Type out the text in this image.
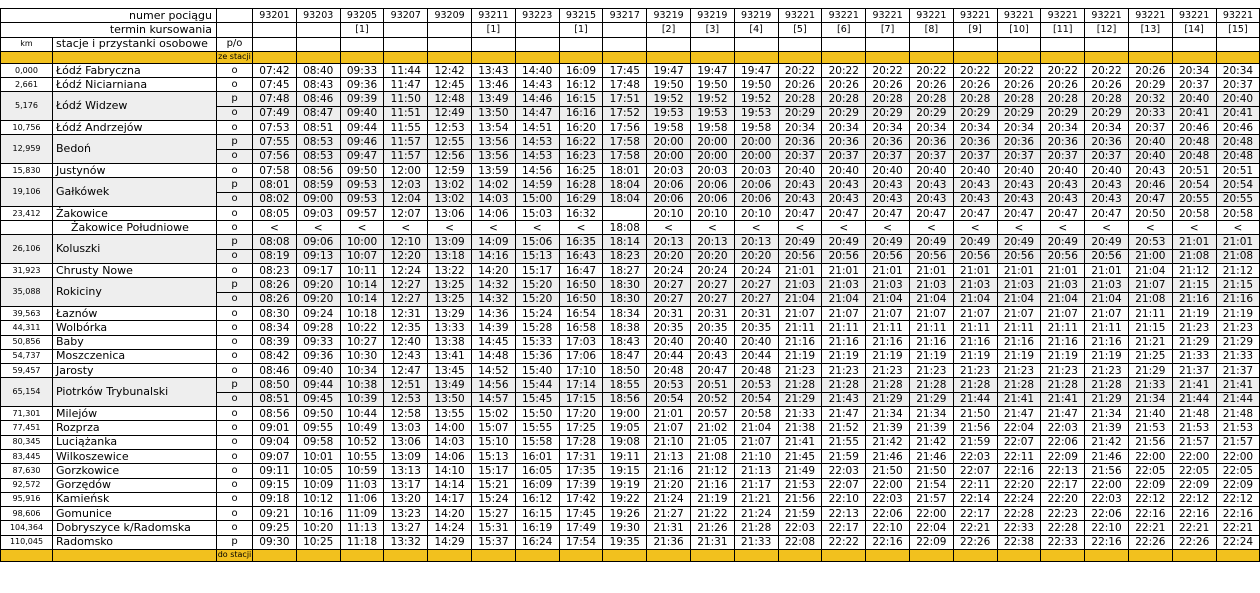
numer pociągu			93201	93203	93205	93207	93209	93211	93223	93215	93217	93219	93219	93219	93221	93221	93221	93221	93221	93221	93221	93221	93221	93221	93221
termin kursowania					[1]			[1]		[1]		[2]	[3]	[4]	[5]	[6]	[7]	[8]	[9]	[10]	[11]	[12]	[13]	[14]	[15]
km	stacje i przystanki osobowe	p/o																							
		ze stacji																							
0,000	Łódź Fabryczna	o	07:42	08:40	09:33	11:44	12:42	13:43	14:40	16:09	17:45	19:47	19:47	19:47	20:22	20:22	20:22	20:22	20:22	20:22	20:22	20:22	20:26	20:34	20:34
2,661	Łódź Niciarniana	o	07:45	08:43	09:36	11:47	12:45	13:46	14:43	16:12	17:48	19:50	19:50	19:50	20:26	20:26	20:26	20:26	20:26	20:26	20:26	20:26	20:29	20:37	20:37
5,176	Łódź Widzew	p	07:48	08:46	09:39	11:50	12:48	13:49	14:46	16:15	17:51	19:52	19:52	19:52	20:28	20:28	20:28	20:28	20:28	20:28	20:28	20:28	20:32	20:40	20:40
		o	07:49	08:47	09:40	11:51	12:49	13:50	14:47	16:16	17:52	19:53	19:53	19:53	20:29	20:29	20:29	20:29	20:29	20:29	20:29	20:29	20:33	20:41	20:41
10,756	Łódź Andrzejów	o	07:53	08:51	09:44	11:55	12:53	13:54	14:51	16:20	17:56	19:58	19:58	19:58	20:34	20:34	20:34	20:34	20:34	20:34	20:34	20:34	20:37	20:46	20:46
12,959	Bedoń	p	07:55	08:53	09:46	11:57	12:55	13:56	14:53	16:22	17:58	20:00	20:00	20:00	20:36	20:36	20:36	20:36	20:36	20:36	20:36	20:36	20:40	20:48	20:48
		o	07:56	08:53	09:47	11:57	12:56	13:56	14:53	16:23	17:58	20:00	20:00	20:00	20:37	20:37	20:37	20:37	20:37	20:37	20:37	20:37	20:40	20:48	20:48
15,830	Justynów	o	07:58	08:56	09:50	12:00	12:59	13:59	14:56	16:25	18:01	20:03	20:03	20:03	20:40	20:40	20:40	20:40	20:40	20:40	20:40	20:40	20:43	20:51	20:51
19,106	Gałkówek	p	08:01	08:59	09:53	12:03	13:02	14:02	14:59	16:28	18:04	20:06	20:06	20:06	20:43	20:43	20:43	20:43	20:43	20:43	20:43	20:43	20:46	20:54	20:54
		o	08:02	09:00	09:53	12:04	13:02	14:03	15:00	16:29	18:04	20:06	20:06	20:06	20:43	20:43	20:43	20:43	20:43	20:43	20:43	20:43	20:47	20:55	20:55
23,412	Żakowice	o	08:05	09:03	09:57	12:07	13:06	14:06	15:03	16:32		20:10	20:10	20:10	20:47	20:47	20:47	20:47	20:47	20:47	20:47	20:47	20:50	20:58	20:58
	Żakowice Południowe	o	<	<	<	<	<	<	<	<	18:08	<	<	<	<	<	<	<	<	<	<	<	<	<	<
26,106	Koluszki	p	08:08	09:06	10:00	12:10	13:09	14:09	15:06	16:35	18:14	20:13	20:13	20:13	20:49	20:49	20:49	20:49	20:49	20:49	20:49	20:49	20:53	21:01	21:01
		o	08:19	09:13	10:07	12:20	13:18	14:16	15:13	16:43	18:23	20:20	20:20	20:20	20:56	20:56	20:56	20:56	20:56	20:56	20:56	20:56	21:00	21:08	21:08
31,923	Chrusty Nowe	o	08:23	09:17	10:11	12:24	13:22	14:20	15:17	16:47	18:27	20:24	20:24	20:24	21:01	21:01	21:01	21:01	21:01	21:01	21:01	21:01	21:04	21:12	21:12
35,088	Rokiciny	p	08:26	09:20	10:14	12:27	13:25	14:32	15:20	16:50	18:30	20:27	20:27	20:27	21:03	21:03	21:03	21:03	21:03	21:03	21:03	21:03	21:07	21:15	21:15
		o	08:26	09:20	10:14	12:27	13:25	14:32	15:20	16:50	18:30	20:27	20:27	20:27	21:04	21:04	21:04	21:04	21:04	21:04	21:04	21:04	21:08	21:16	21:16
39,563	Łaznów	o	08:30	09:24	10:18	12:31	13:29	14:36	15:24	16:54	18:34	20:31	20:31	20:31	21:07	21:07	21:07	21:07	21:07	21:07	21:07	21:07	21:11	21:19	21:19
44,311	Wolbórka	o	08:34	09:28	10:22	12:35	13:33	14:39	15:28	16:58	18:38	20:35	20:35	20:35	21:11	21:11	21:11	21:11	21:11	21:11	21:11	21:11	21:15	21:23	21:23
50,856	Baby	o	08:39	09:33	10:27	12:40	13:38	14:45	15:33	17:03	18:43	20:40	20:40	20:40	21:16	21:16	21:16	21:16	21:16	21:16	21:16	21:16	21:21	21:29	21:29
54,737	Moszczenica	o	08:42	09:36	10:30	12:43	13:41	14:48	15:36	17:06	18:47	20:44	20:43	20:44	21:19	21:19	21:19	21:19	21:19	21:19	21:19	21:19	21:25	21:33	21:33
59,457	Jarosty	o	08:46	09:40	10:34	12:47	13:45	14:52	15:40	17:10	18:50	20:48	20:47	20:48	21:23	21:23	21:23	21:23	21:23	21:23	21:23	21:23	21:29	21:37	21:37
65,154	Piotrków Trybunalski	p	08:50	09:44	10:38	12:51	13:49	14:56	15:44	17:14	18:55	20:53	20:51	20:53	21:28	21:28	21:28	21:28	21:28	21:28	21:28	21:28	21:33	21:41	21:41
		o	08:51	09:45	10:39	12:53	13:50	14:57	15:45	17:15	18:56	20:54	20:52	20:54	21:29	21:43	21:29	21:29	21:44	21:41	21:41	21:29	21:34	21:44	21:44
71,301	Milejów	o	08:56	09:50	10:44	12:58	13:55	15:02	15:50	17:20	19:00	21:01	20:57	20:58	21:33	21:47	21:34	21:34	21:50	21:47	21:47	21:34	21:40	21:48	21:48
77,451	Rozprza	o	09:01	09:55	10:49	13:03	14:00	15:07	15:55	17:25	19:05	21:07	21:02	21:04	21:38	21:52	21:39	21:39	21:56	22:04	22:03	21:39	21:53	21:53	21:53
80,345	Luciążanka	o	09:04	09:58	10:52	13:06	14:03	15:10	15:58	17:28	19:08	21:10	21:05	21:07	21:41	21:55	21:42	21:42	21:59	22:07	22:06	21:42	21:56	21:57	21:57
83,445	Wilkoszewice	o	09:07	10:01	10:55	13:09	14:06	15:13	16:01	17:31	19:11	21:13	21:08	21:10	21:45	21:59	21:46	21:46	22:03	22:11	22:09	21:46	22:00	22:00	22:00
87,630	Gorzkowice	o	09:11	10:05	10:59	13:13	14:10	15:17	16:05	17:35	19:15	21:16	21:12	21:13	21:49	22:03	21:50	21:50	22:07	22:16	22:13	21:56	22:05	22:05	22:05
92,572	Gorzędów	o	09:15	10:09	11:03	13:17	14:14	15:21	16:09	17:39	19:19	21:20	21:16	21:17	21:53	22:07	22:00	21:54	22:11	22:20	22:17	22:00	22:09	22:09	22:09
95,916	Kamieńsk	o	09:18	10:12	11:06	13:20	14:17	15:24	16:12	17:42	19:22	21:24	21:19	21:21	21:56	22:10	22:03	21:57	22:14	22:24	22:20	22:03	22:12	22:12	22:12
98,606	Gomunice	o	09:21	10:16	11:09	13:23	14:20	15:27	16:15	17:45	19:26	21:27	21:22	21:24	21:59	22:13	22:06	22:00	22:17	22:28	22:23	22:06	22:16	22:16	22:16
104,364	Dobryszyce k/Radomska	o	09:25	10:20	11:13	13:27	14:24	15:31	16:19	17:49	19:30	21:31	21:26	21:28	22:03	22:17	22:10	22:04	22:21	22:33	22:28	22:10	22:21	22:21	22:21
110,045	Radomsko	p	09:30	10:25	11:18	13:32	14:29	15:37	16:24	17:54	19:35	21:36	21:31	21:33	22:08	22:22	22:16	22:09	22:26	22:38	22:33	22:16	22:26	22:26	22:24
		do stacji																							
